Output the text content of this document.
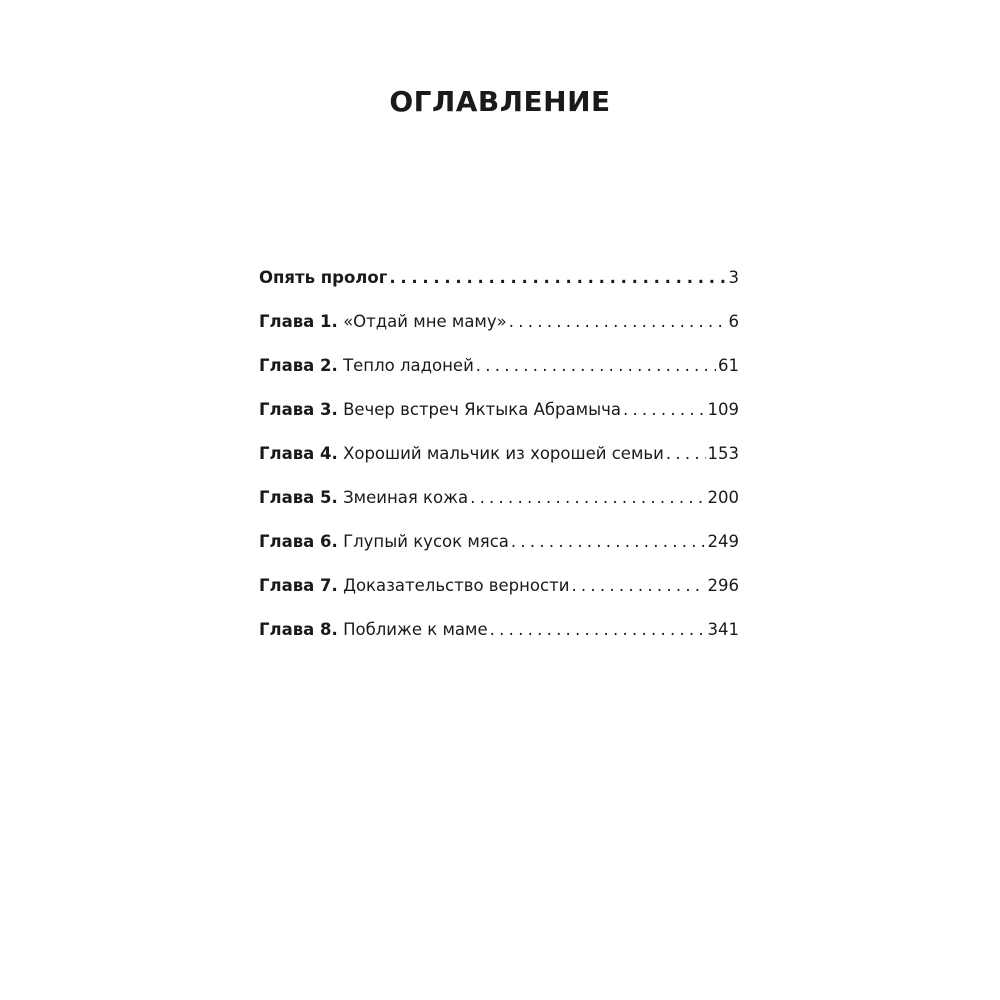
ОГЛАВЛЕНИЕ
Опять пролог . . .	3
Глава 1. «Отдай мне маму» . . .	6
Глава 2. Тепло ладоней . . .	61
Глава 3. Вечер встреч Яктыка Абрамыча . . .	109
Глава 4. Хороший мальчик из хорошей семьи . . .	153
Глава 5. Змеиная кожа . . .	200
Глава 6. Глупый кусок мяса . . .	249
Глава 7. Доказательство верности . . .	296
Глава 8. Поближе к маме . . .	341
